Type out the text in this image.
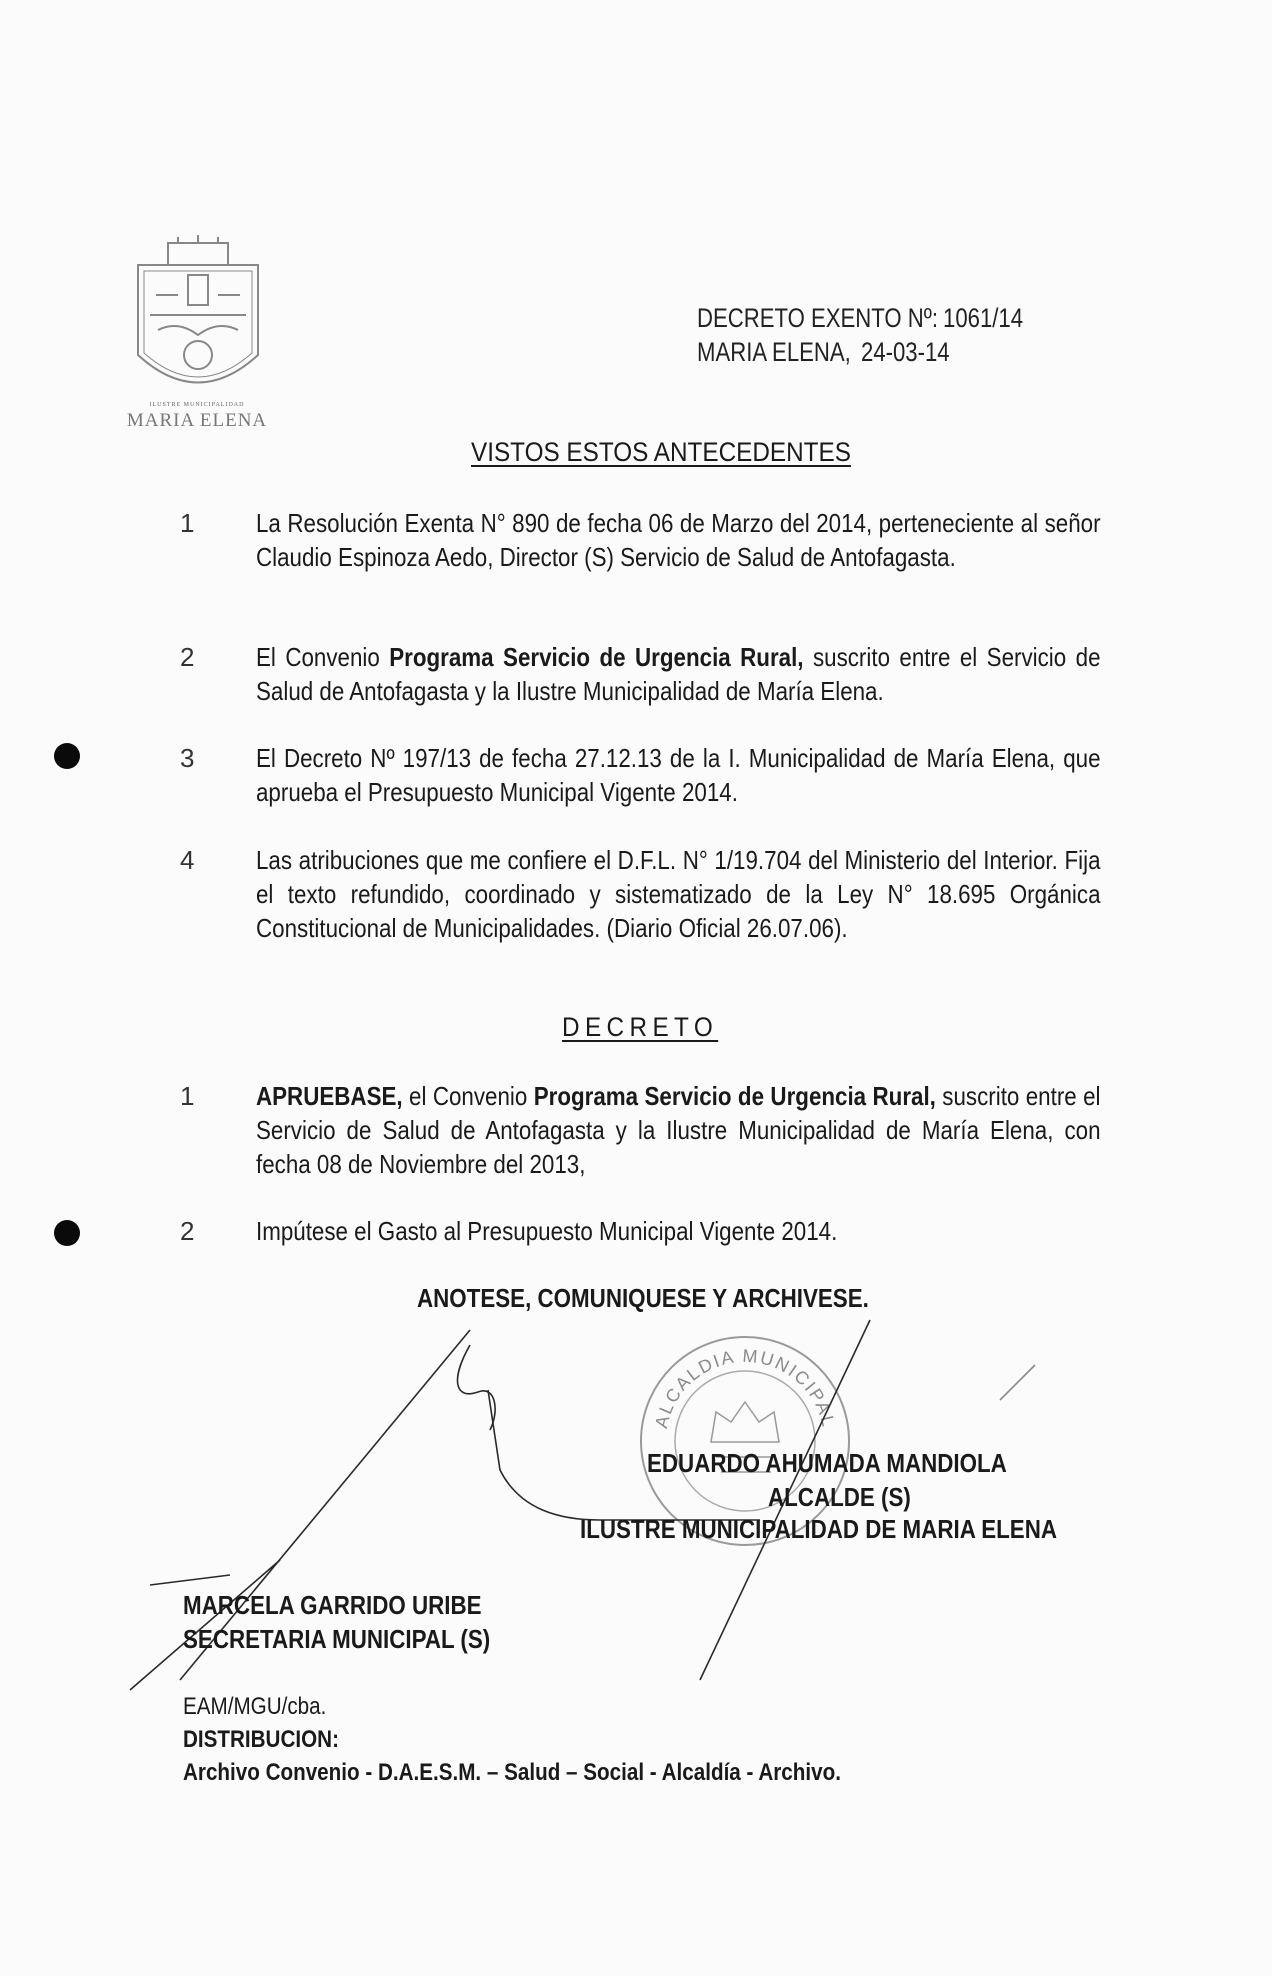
ILUSTRE MUNICIPALIDAD
MARIA ELENA
DECRETO EXENTO Nº: 1061/14
MARIA ELENA, 24-03-14
VISTOS ESTOS ANTECEDENTES
1 La Resolución Exenta N° 890 de fecha 06 de Marzo del 2014, perteneciente al señor Claudio Espinoza Aedo, Director (S) Servicio de Salud de Antofagasta.
2 El Convenio Programa Servicio de Urgencia Rural, suscrito entre el Servicio de Salud de Antofagasta y la Ilustre Municipalidad de María Elena.
3 El Decreto Nº 197/13 de fecha 27.12.13 de la I. Municipalidad de María Elena, que aprueba el Presupuesto Municipal Vigente 2014.
4 Las atribuciones que me confiere el D.F.L. N° 1/19.704 del Ministerio del Interior. Fija el texto refundido, coordinado y sistematizado de la Ley N° 18.695 Orgánica Constitucional de Municipalidades. (Diario Oficial 26.07.06).
DECRETO
1 APRUEBASE, el Convenio Programa Servicio de Urgencia Rural, suscrito entre el Servicio de Salud de Antofagasta y la Ilustre Municipalidad de María Elena, con fecha 08 de Noviembre del 2013,
2 Impútese el Gasto al Presupuesto Municipal Vigente 2014.
ANOTESE, COMUNIQUESE Y ARCHIVESE.
ALCALDIA MUNICIPAL
EDUARDO AHUMADA MANDIOLA
ALCALDE (S)
ILUSTRE MUNICIPALIDAD DE MARIA ELENA
MARCELA GARRIDO URIBE
SECRETARIA MUNICIPAL (S)
EAM/MGU/cba.
DISTRIBUCION:
Archivo Convenio - D.A.E.S.M. – Salud – Social - Alcaldía - Archivo.
